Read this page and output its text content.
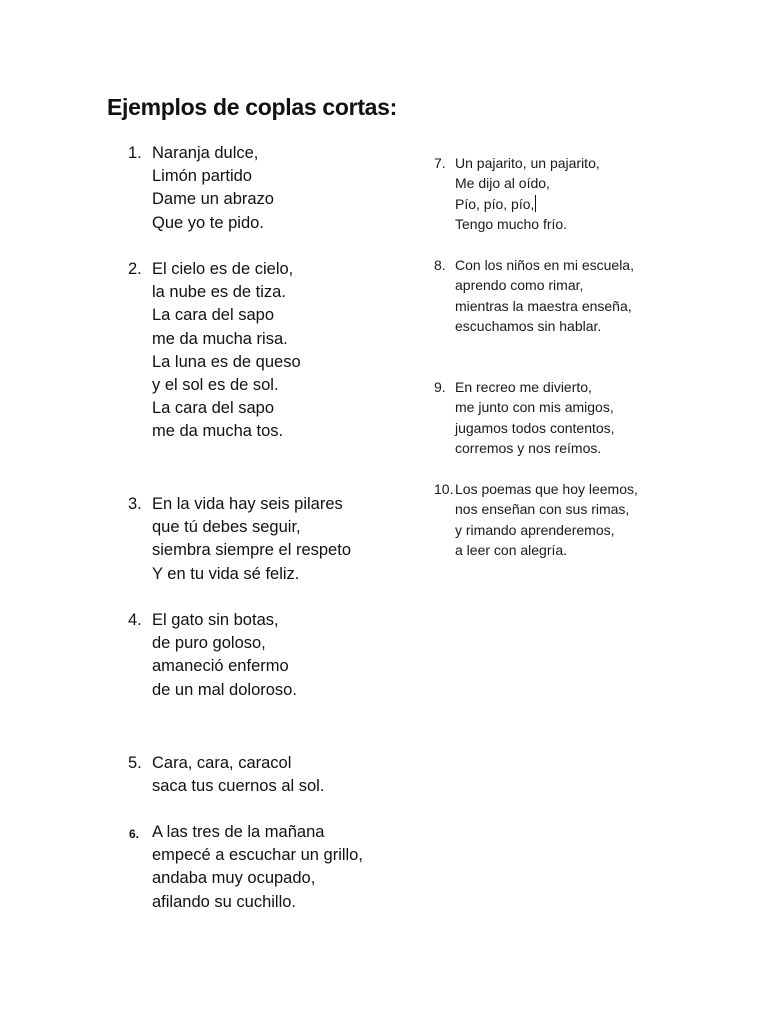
Ejemplos de coplas cortas:
1. Naranja dulce,
Limón partido
Dame un abrazo
Que yo te pido.
2. El cielo es de cielo,
la nube es de tiza.
La cara del sapo
me da mucha risa.
La luna es de queso
y el sol es de sol.
La cara del sapo
me da mucha tos.
3. En la vida hay seis pilares
que tú debes seguir,
siembra siempre el respeto
Y en tu vida sé feliz.
4. El gato sin botas,
de puro goloso,
amaneció enfermo
de un mal doloroso.
5. Cara, cara, caracol
saca tus cuernos al sol.
6. A las tres de la mañana
empecé a escuchar un grillo,
andaba muy ocupado,
afilando su cuchillo.
7. Un pajarito, un pajarito,
Me dijo al oído,
Pío, pío, pío,
Tengo mucho frío.
8. Con los niños en mi escuela,
aprendo como rimar,
mientras la maestra enseña,
escuchamos sin hablar.
9. En recreo me divierto,
me junto con mis amigos,
jugamos todos contentos,
corremos y nos reímos.
10. Los poemas que hoy leemos,
nos enseñan con sus rimas,
y rimando aprenderemos,
a leer con alegría.
